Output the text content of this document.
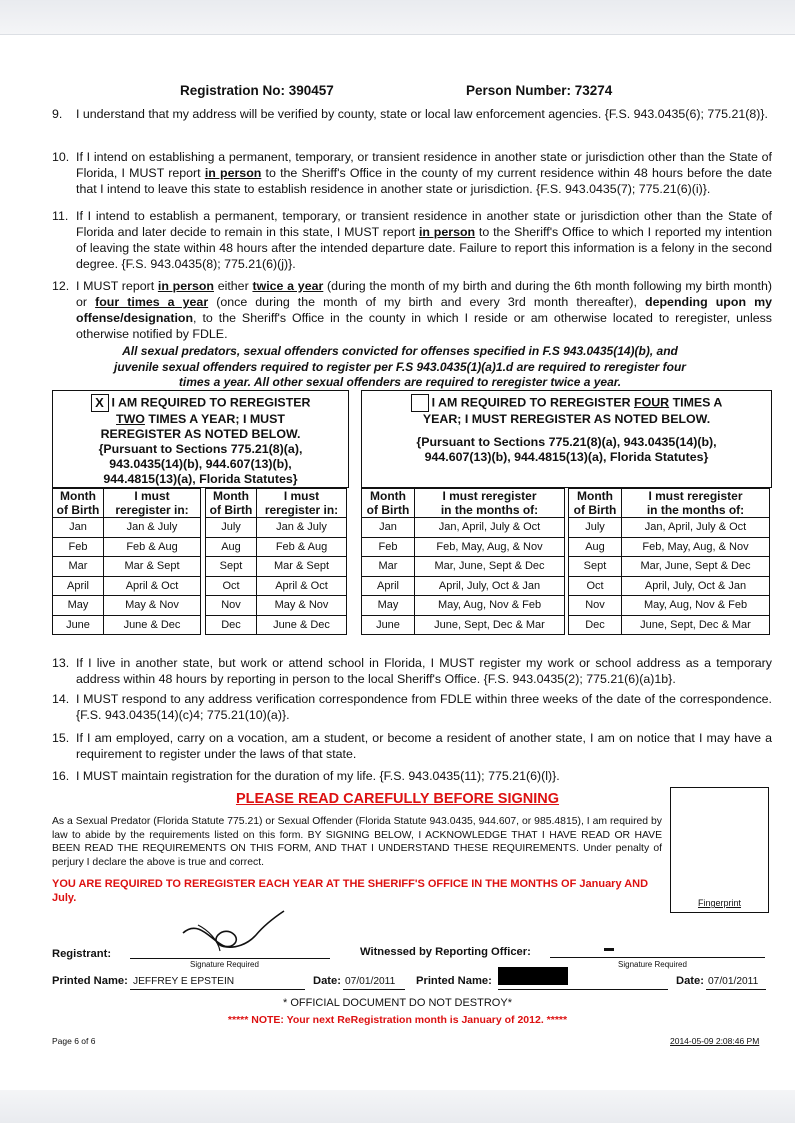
Registration No: 390457	Person Number: 73274
9. I understand that my address will be verified by county, state or local law enforcement agencies. {F.S. 943.0435(6); 775.21(8)}.
10. If I intend on establishing a permanent, temporary, or transient residence in another state or jurisdiction other than the State of Florida, I MUST report in person to the Sheriff's Office in the county of my current residence within 48 hours before the date that I intend to leave this state to establish residence in another state or jurisdiction. {F.S. 943.0435(7); 775.21(6)(i)}.
11. If I intend to establish a permanent, temporary, or transient residence in another state or jurisdiction other than the State of Florida and later decide to remain in this state, I MUST report in person to the Sheriff's Office to which I reported my intention of leaving the state within 48 hours after the intended departure date. Failure to report this information is a felony in the second degree. {F.S. 943.0435(8); 775.21(6)(j)}.
12. I MUST report in person either twice a year (during the month of my birth and during the 6th month following my birth month) or four times a year (once during the month of my birth and every 3rd month thereafter), depending upon my offense/designation, to the Sheriff's Office in the county in which I reside or am otherwise located to reregister, unless otherwise notified by FDLE.
All sexual predators, sexual offenders convicted for offenses specified in F.S 943.0435(14)(b), and juvenile sexual offenders required to register per F.S 943.0435(1)(a)1.d are required to reregister four times a year. All other sexual offenders are required to reregister twice a year.
X I AM REQUIRED TO REREGISTER
TWO TIMES A YEAR; I MUST
REREGISTER AS NOTED BELOW.
{Pursuant to Sections 775.21(8)(a),
943.0435(14)(b), 944.607(13)(b),
944.4815(13)(a), Florida Statutes}
I AM REQUIRED TO REREGISTER FOUR TIMES A
YEAR; I MUST REREGISTER AS NOTED BELOW.
{Pursuant to Sections 775.21(8)(a), 943.0435(14)(b),
944.607(13)(b), 944.4815(13)(a), Florida Statutes}
Month
of Birth	I must
reregister in:
Jan	Jan & July
Feb	Feb & Aug
Mar	Mar & Sept
April	April & Oct
May	May & Nov
June	June & Dec
Month
of Birth	I must
reregister in:
July	Jan & July
Aug	Feb & Aug
Sept	Mar & Sept
Oct	April & Oct
Nov	May & Nov
Dec	June & Dec
Month
of Birth	I must reregister
in the months of:
Jan	Jan, April, July & Oct
Feb	Feb, May, Aug, & Nov
Mar	Mar, June, Sept & Dec
April	April, July, Oct & Jan
May	May, Aug, Nov & Feb
June	June, Sept, Dec & Mar
Month
of Birth	I must reregister
in the months of:
July	Jan, April, July & Oct
Aug	Feb, May, Aug, & Nov
Sept	Mar, June, Sept & Dec
Oct	April, July, Oct & Jan
Nov	May, Aug, Nov & Feb
Dec	June, Sept, Dec & Mar
13. If I live in another state, but work or attend school in Florida, I MUST register my work or school address as a temporary address within 48 hours by reporting in person to the local Sheriff's Office. {F.S. 943.0435(2); 775.21(6)(a)1b}.
14. I MUST respond to any address verification correspondence from FDLE within three weeks of the date of the correspondence. {F.S. 943.0435(14)(c)4; 775.21(10)(a)}.
15. If I am employed, carry on a vocation, am a student, or become a resident of another state, I am on notice that I may have a requirement to register under the laws of that state.
16. I MUST maintain registration for the duration of my life. {F.S. 943.0435(11); 775.21(6)(l)}.
PLEASE READ CAREFULLY BEFORE SIGNING
As a Sexual Predator (Florida Statute 775.21) or Sexual Offender (Florida Statute 943.0435, 944.607, or 985.4815), I am required by law to abide by the requirements listed on this form. BY SIGNING BELOW, I ACKNOWLEDGE THAT I HAVE READ OR HAVE BEEN READ THE REQUIREMENTS ON THIS FORM, AND THAT I UNDERSTAND THESE REQUIREMENTS. Under penalty of perjury I declare the above is true and correct.
YOU ARE REQUIRED TO REREGISTER EACH YEAR AT THE SHERIFF'S OFFICE IN THE MONTHS OF January AND July.	Fingerprint
Registrant:
Signature Required
Witnessed by Reporting Officer:
Signature Required
Printed Name: JEFFREY E EPSTEIN	Date: 07/01/2011 Printed Name:	Date: 07/01/2011
* OFFICIAL DOCUMENT DO NOT DESTROY*
***** NOTE: Your next ReRegistration month is January of 2012. *****
Page 6 of 6	2014-05-09 2:08:46 PM
